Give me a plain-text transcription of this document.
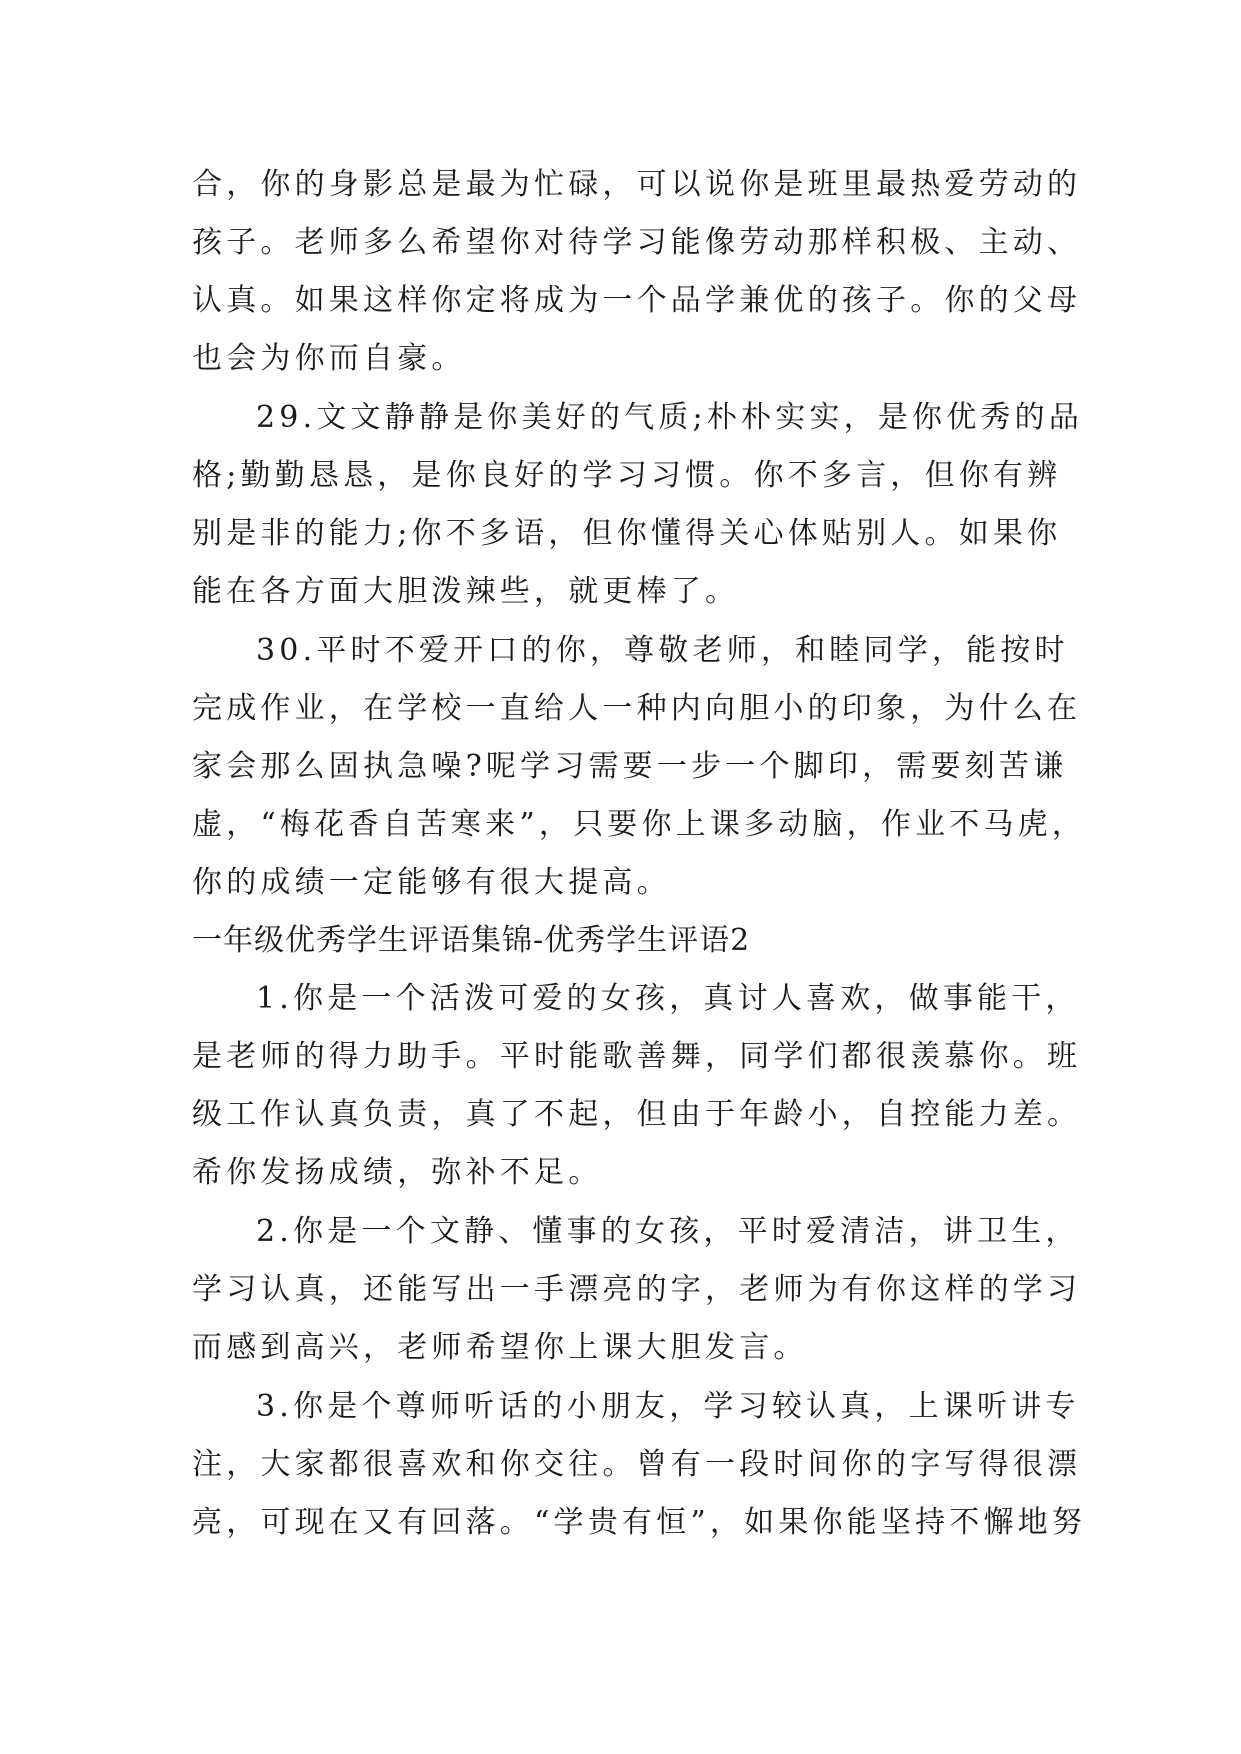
合，你的身影总是最为忙碌，可以说你是班里最热爱劳动的
孩子。老师多么希望你对待学习能像劳动那样积极、主动、
认真。如果这样你定将成为一个品学兼优的孩子。你的父母
也会为你而自豪。
29.文文静静是你美好的气质;朴朴实实，是你优秀的品
格;勤勤恳恳，是你良好的学习习惯。你不多言，但你有辨
别是非的能力;你不多语，但你懂得关心体贴别人。如果你
能在各方面大胆泼辣些，就更棒了。
30.平时不爱开口的你，尊敬老师，和睦同学，能按时
完成作业，在学校一直给人一种内向胆小的印象，为什么在
家会那么固执急噪?呢学习需要一步一个脚印，需要刻苦谦
虚，“梅花香自苦寒来”，只要你上课多动脑，作业不马虎，
你的成绩一定能够有很大提高。
一年级优秀学生评语集锦-优秀学生评语2
1.你是一个活泼可爱的女孩，真讨人喜欢，做事能干，
是老师的得力助手。平时能歌善舞，同学们都很羡慕你。班
级工作认真负责，真了不起，但由于年龄小，自控能力差。
希你发扬成绩，弥补不足。
2.你是一个文静、懂事的女孩，平时爱清洁，讲卫生，
学习认真，还能写出一手漂亮的字，老师为有你这样的学习
而感到高兴，老师希望你上课大胆发言。
3.你是个尊师听话的小朋友，学习较认真，上课听讲专
注，大家都很喜欢和你交往。曾有一段时间你的字写得很漂
亮，可现在又有回落。“学贵有恒”，如果你能坚持不懈地努
